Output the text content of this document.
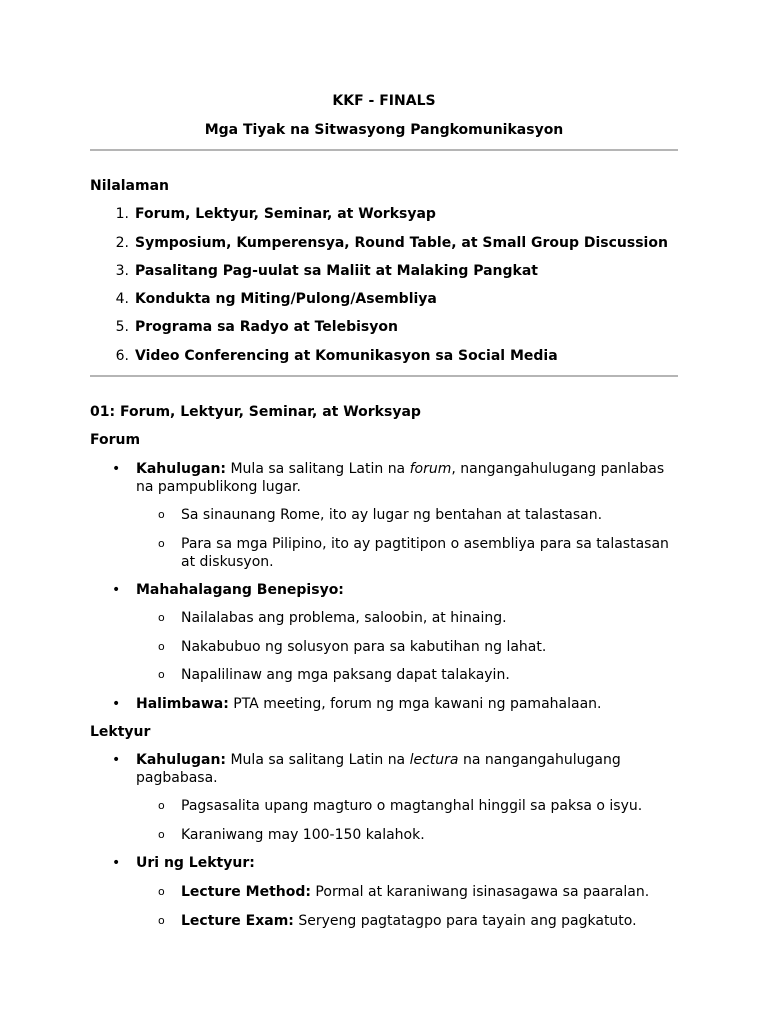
KKF - FINALS
Mga Tiyak na Sitwasyong Pangkomunikasyon
Nilalaman
1. Forum, Lektyur, Seminar, at Worksyap
2. Symposium, Kumperensya, Round Table, at Small Group Discussion
3. Pasalitang Pag-uulat sa Maliit at Malaking Pangkat
4. Kondukta ng Miting/Pulong/Asembliya
5. Programa sa Radyo at Telebisyon
6. Video Conferencing at Komunikasyon sa Social Media
01: Forum, Lektyur, Seminar, at Worksyap
Forum
• Kahulugan: Mula sa salitang Latin na forum, nangangahulugang panlabas na pampublikong lugar.
o Sa sinaunang Rome, ito ay lugar ng bentahan at talastasan.
o Para sa mga Pilipino, ito ay pagtitipon o asembliya para sa talastasan at diskusyon.
• Mahahalagang Benepisyo:
o Nailalabas ang problema, saloobin, at hinaing.
o Nakabubuo ng solusyon para sa kabutihan ng lahat.
o Napalilinaw ang mga paksang dapat talakayin.
• Halimbawa: PTA meeting, forum ng mga kawani ng pamahalaan.
Lektyur
• Kahulugan: Mula sa salitang Latin na lectura na nangangahulugang pagbabasa.
o Pagsasalita upang magturo o magtanghal hinggil sa paksa o isyu.
o Karaniwang may 100-150 kalahok.
• Uri ng Lektyur:
o Lecture Method: Pormal at karaniwang isinasagawa sa paaralan.
o Lecture Exam: Seryeng pagtatagpo para tayain ang pagkatuto.
